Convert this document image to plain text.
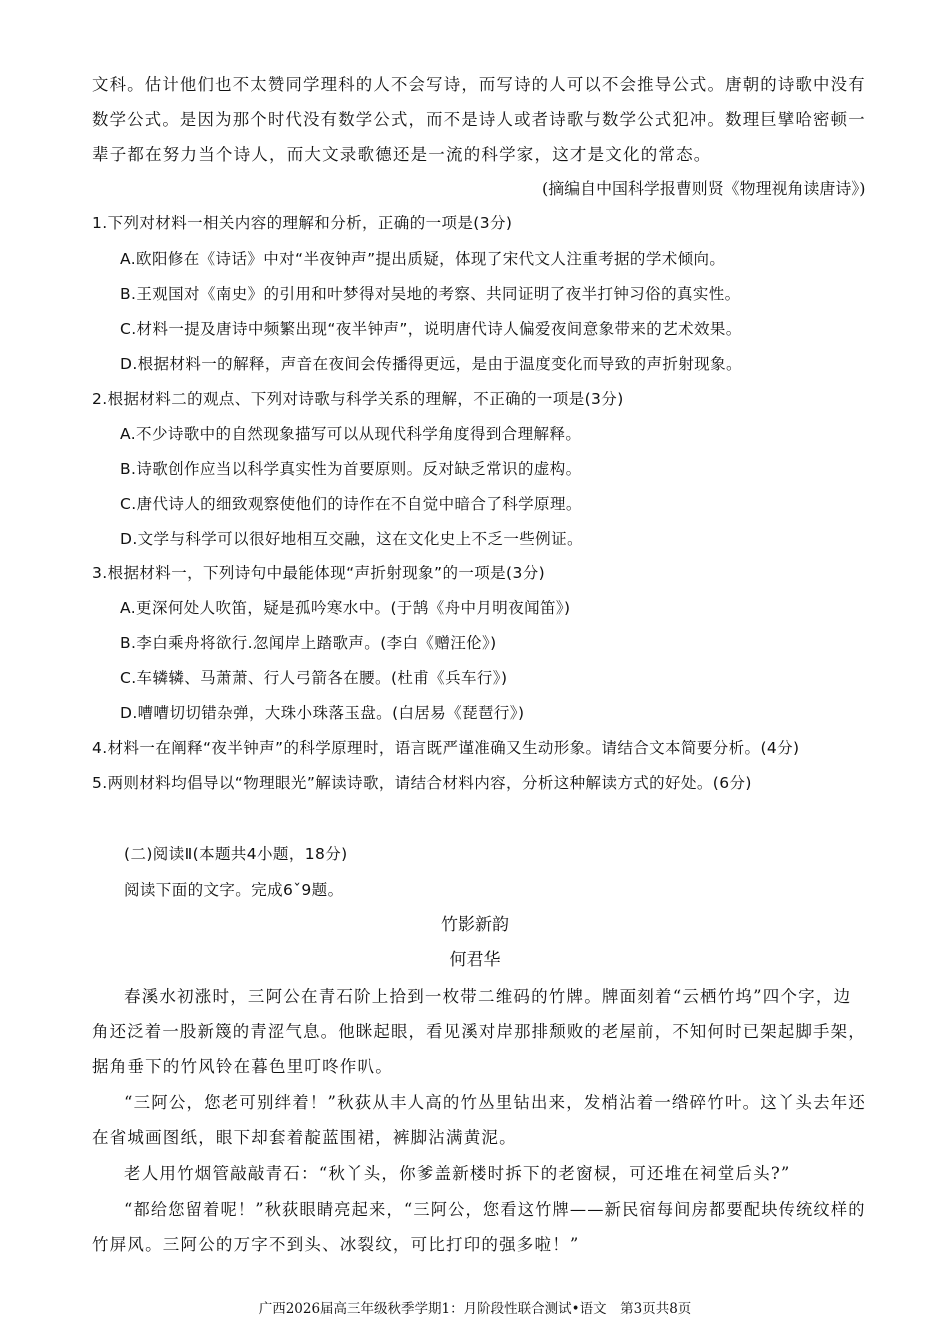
文科。估计他们也不太赞同学理科的人不会写诗，而写诗的人可以不会推导公式。唐朝的诗歌中没有
数学公式。是因为那个时代没有数学公式，而不是诗人或者诗歌与数学公式犯冲。数理巨擘哈密顿一
辈子都在努力当个诗人，而大文录歌德还是一流的科学家，这才是文化的常态。
(摘编自中国科学报曹则贤《物理视角读唐诗》)
1.下列对材料一相关内容的理解和分析，正确的一项是(3分)
A.欧阳修在《诗话》中对“半夜钟声”提出质疑，体现了宋代文人注重考据的学术倾向。
B.王观国对《南史》的引用和叶梦得对吴地的考察、共同证明了夜半打钟习俗的真实性。
C.材料一提及唐诗中频繁出现“夜半钟声”，说明唐代诗人偏爱夜间意象带来的艺术效果。
D.根据材料一的解释，声音在夜间会传播得更远，是由于温度变化而导致的声折射现象。
2.根据材料二的观点、下列对诗歌与科学关系的理解，不正确的一项是(3分)
A.不少诗歌中的自然现象描写可以从现代科学角度得到合理解释。
B.诗歌创作应当以科学真实性为首要原则。反对缺乏常识的虚构。
C.唐代诗人的细致观察使他们的诗作在不自觉中暗合了科学原理。
D.文学与科学可以很好地相互交融，这在文化史上不乏一些例证。
3.根据材料一，下列诗句中最能体现“声折射现象”的一项是(3分)
A.更深何处人吹笛，疑是孤吟寒水中。(于鹄《舟中月明夜闻笛》)
B.李白乘舟将欲行.忽闻岸上踏歌声。(李白《赠汪伦》)
C.车辚辚、马萧萧、行人弓箭各在腰。(杜甫《兵车行》)
D.嘈嘈切切错杂弹，大珠小珠落玉盘。(白居易《琵琶行》)
4.材料一在阐释“夜半钟声”的科学原理时，语言既严谨准确又生动形象。请结合文本简要分析。(4分)
5.两则材料均倡导以“物理眼光”解读诗歌，请结合材料内容，分析这种解读方式的好处。(6分)
(二)阅读Ⅱ(本题共4小题，18分)
阅读下面的文字。完成6ˇ9题。
竹影新韵
何君华
春溪水初涨时，三阿公在青石阶上拾到一枚带二维码的竹牌。牌面刻着“云栖竹坞”四个字，边
角还泛着一股新篾的青涩气息。他眯起眼，看见溪对岸那排颓败的老屋前，不知何时已架起脚手架，
据角垂下的竹风铃在暮色里叮咚作叭。
“三阿公，您老可别绊着！”秋荻从丰人高的竹丛里钻出来，发梢沾着一绺碎竹叶。这丫头去年还
在省城画图纸，眼下却套着靛蓝围裙，裤脚沾满黄泥。
老人用竹烟管敲敲青石：“秋丫头，你爹盖新楼时拆下的老窗棂，可还堆在祠堂后头?”
“都给您留着呢！”秋荻眼睛亮起来，“三阿公，您看这竹牌——新民宿每间房都要配块传统纹样的
竹屏风。三阿公的万字不到头、冰裂纹，可比打印的强多啦！”
广西2026届高三年级秋季学期1：月阶段性联合测试•语文　第3页共8页
